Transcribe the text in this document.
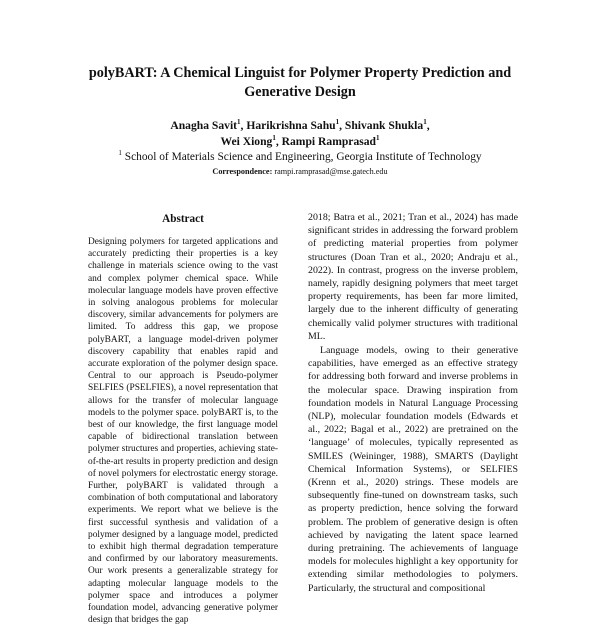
polyBART: A Chemical Linguist for Polymer Property Prediction and Generative Design
Anagha Savit$^1$, Harikrishna Sahu$^1$, Shivank Shukla$^1$,
Wei Xiong$^1$, Rampi Ramprasad$^1$
$^1$ School of Materials Science and Engineering, Georgia Institute of Technology
Correspondence: rampi.ramprasad@mse.gatech.edu
Abstract
Designing polymers for targeted applications and accurately predicting their properties is a key challenge in materials science owing to the vast and complex polymer chemical space. While molecular language models have proven effective in solving analogous problems for molecular discovery, similar advancements for polymers are limited. To address this gap, we propose polyBART, a language model-driven polymer discovery capability that enables rapid and accurate exploration of the polymer design space. Central to our approach is Pseudo-polymer SELFIES (PSELFIES), a novel representation that allows for the transfer of molecular language models to the polymer space. polyBART is, to the best of our knowledge, the first language model capable of bidirectional translation between polymer structures and properties, achieving state-of-the-art results in property prediction and design of novel polymers for electrostatic energy storage. Further, polyBART is validated through a combination of both computational and laboratory experiments. We report what we believe is the first successful synthesis and validation of a polymer designed by a language model, predicted to exhibit high thermal degradation temperature and confirmed by our laboratory measurements. Our work presents a generalizable strategy for adapting molecular language models to the polymer space and introduces a polymer foundation model, advancing generative polymer design that bridges the gap

2018; Batra et al., 2021; Tran et al., 2024) has made significant strides in addressing the forward problem of predicting material properties from polymer structures (Doan Tran et al., 2020; Andraju et al., 2022). In contrast, progress on the inverse problem, namely, rapidly designing polymers that meet target property requirements, has been far more limited, largely due to the inherent difficulty of generating chemically valid polymer structures with traditional ML.

Language models, owing to their generative capabilities, have emerged as an effective strategy for addressing both forward and inverse problems in the molecular space. Drawing inspiration from foundation models in Natural Language Processing (NLP), molecular foundation models (Edwards et al., 2022; Bagal et al., 2022) are pretrained on the ‘language’ of molecules, typically represented as SMILES (Weininger, 1988), SMARTS (Daylight Chemical Information Systems), or SELFIES (Krenn et al., 2020) strings. These models are subsequently fine-tuned on downstream tasks, such as property prediction, hence solving the forward problem. The problem of generative design is often achieved by navigating the latent space learned during pretraining. The achievements of language models for molecules highlight a key opportunity for extending similar methodologies to polymers. Particularly, the structural and compositional
